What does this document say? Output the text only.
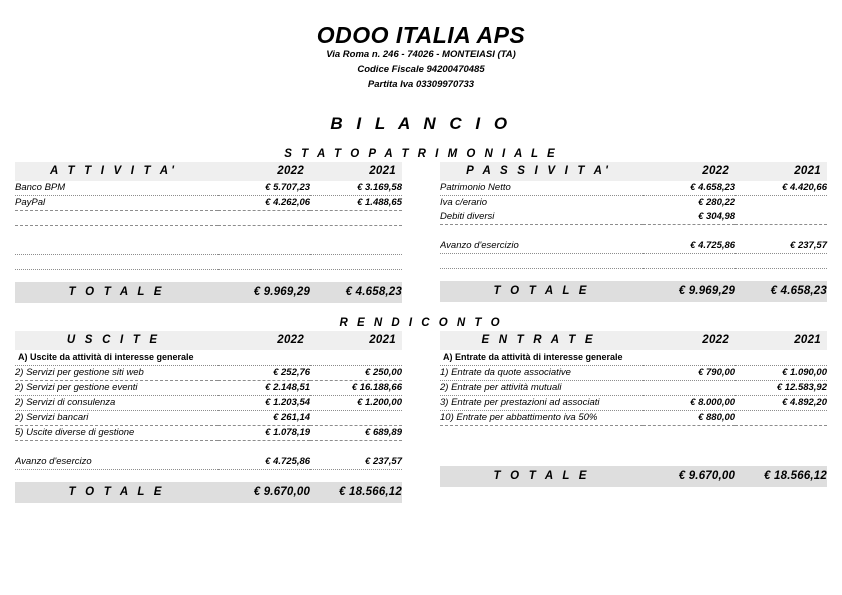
ODOO ITALIA APS
Via Roma n. 246 - 74026 - MONTEIASI (TA)
Codice Fiscale 94200470485
Partita Iva 03309970733
B I L A N C I O
S T A T O P A T R I M O N I A L E
A T T I V I T A'	2022	2021
Banco BPM	€ 5.707,23	€ 3.169,58
PayPal	€ 4.262,06	€ 1.488,65

T O T A L E	€ 9.969,29	€ 4.658,23
P A S S I V I T A'	2022	2021
Patrimonio Netto	€ 4.658,23	€ 4.420,66
Iva c/erario	€ 280,22	
Debiti diversi	€ 304,98	

Avanzo d'esercizio	€ 4.725,86	€ 237,57

T O T A L E	€ 9.969,29	€ 4.658,23
R E N D I C O N T O
U S C I T E	2022	2021
A) Uscite da attività di interesse generale		
2) Servizi per gestione siti web	€ 252,76	€ 250,00
2) Servizi per gestione eventi	€ 2.148,51	€ 16.188,66
2) Servizi di consulenza	€ 1.203,54	€ 1.200,00
2) Servizi bancari	€ 261,14	
5) Uscite diverse di gestione	€ 1.078,19	€ 689,89

Avanzo d'esercizo	€ 4.725,86	€ 237,57

T O T A L E	€ 9.670,00	€ 18.566,12
E N T R A T E	2022	2021
A) Entrate da attività di interesse generale		
1) Entrate da quote associative	€ 790,00	€ 1.090,00
2) Entrate per attività mutuali		€ 12.583,92
3) Entrate per prestazioni ad associati	€ 8.000,00	€ 4.892,20
10) Entrate per abbattimento iva 50%	€ 880,00	

T O T A L E	€ 9.670,00	€ 18.566,12
